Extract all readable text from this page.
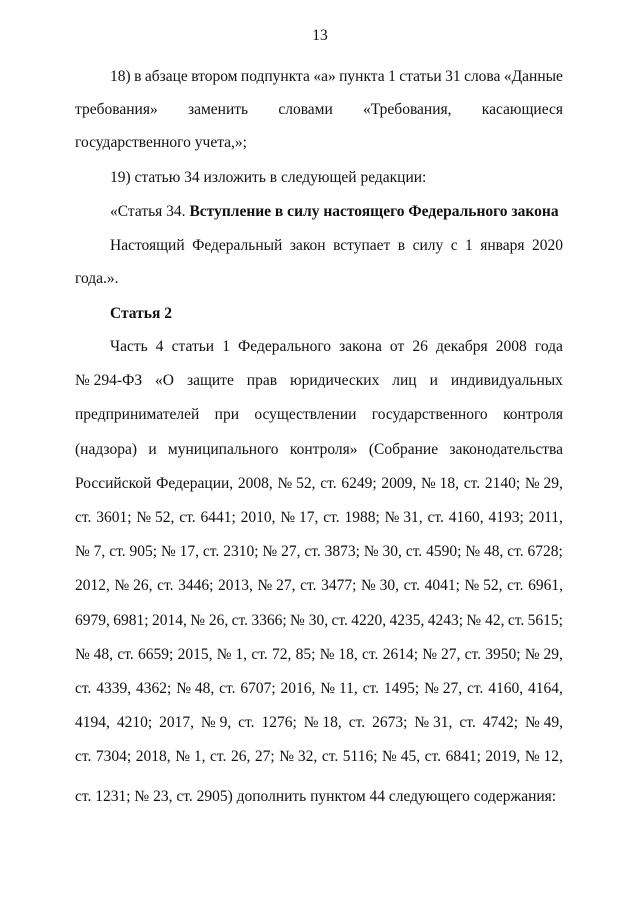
13
18) в абзаце втором подпункта «а» пункта 1 статьи 31 слова «Данные
требования» заменить словами «Требования, касающиеся
государственного учета,»;
19) статью 34 изложить в следующей редакции:
«Статья 34. Вступление в силу настоящего Федерального закона
Настоящий Федеральный закон вступает в силу с 1 января 2020
года.».
Статья 2
Часть 4 статьи 1 Федерального закона от 26 декабря 2008 года
№ 294-ФЗ «О защите прав юридических лиц и индивидуальных
предпринимателей при осуществлении государственного контроля
(надзора) и муниципального контроля» (Собрание законодательства
Российской Федерации, 2008, № 52, ст. 6249; 2009, № 18, ст. 2140; № 29,
ст. 3601; № 52, ст. 6441; 2010, № 17, ст. 1988; № 31, ст. 4160, 4193; 2011,
№ 7, ст. 905; № 17, ст. 2310; № 27, ст. 3873; № 30, ст. 4590; № 48, ст. 6728;
2012, № 26, ст. 3446; 2013, № 27, ст. 3477; № 30, ст. 4041; № 52, ст. 6961,
6979, 6981; 2014, № 26, ст. 3366; № 30, ст. 4220, 4235, 4243; № 42, ст. 5615;
№ 48, ст. 6659; 2015, № 1, ст. 72, 85; № 18, ст. 2614; № 27, ст. 3950; № 29,
ст. 4339, 4362; № 48, ст. 6707; 2016, № 11, ст. 1495; № 27, ст. 4160, 4164,
4194, 4210; 2017, № 9, ст. 1276; № 18, ст. 2673; № 31, ст. 4742; № 49,
ст. 7304; 2018, № 1, ст. 26, 27; № 32, ст. 5116; № 45, ст. 6841; 2019, № 12,
ст. 1231; № 23, ст. 2905) дополнить пунктом 44 следующего содержания:
